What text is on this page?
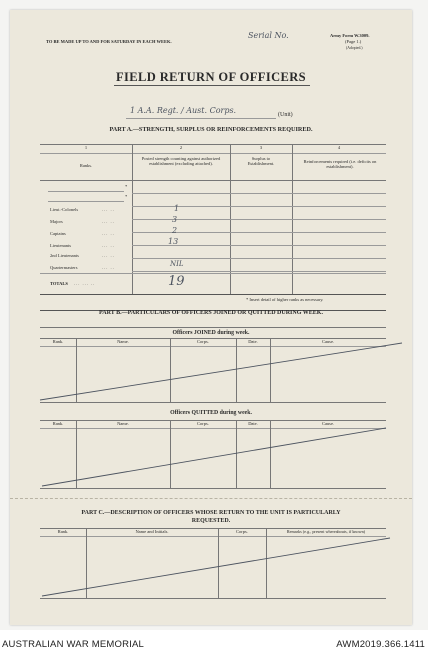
TO BE MADE UP TO AND FOR SATURDAY IN EACH WEEK.
Serial No.	Army Form W.3009.
(Page 1.)
(Adopted.)
FIELD RETURN OF OFFICERS
1 A.A. Regt. / Aust. Corps.	(Unit)
PART A.—STRENGTH, SURPLUS OR REINFORCEMENTS REQUIRED.
1	2	3	4
Ranks.
Posted strength counting against authorized establishment (excluding attached).
Surplus to Establishment.	Reinforcements required (i.e. deficits on establishment).
*
*
Lieut.-Colonels	... ..	1
Majors	... ..	3
Captains	... ..	2
Lieutenants	... ..	13
2nd Lieutenants	... ..
Quartermasters	... ..	NIL
TOTALS ... ... ..	19
* Insert detail of higher ranks as necessary.
PART B.—PARTICULARS OF OFFICERS JOINED OR QUITTED DURING WEEK.
Officers JOINED during week.
Rank.	Name.	Corps.	Date.	Cause.
Officers QUITTED during week.
Rank.	Name.	Corps.	Date.	Cause.
PART C.—DESCRIPTION OF OFFICERS WHOSE RETURN TO THE UNIT IS PARTICULARLY
REQUESTED.
Rank.	Name and Initials.	Corps.	Remarks (e.g., present whereabouts, if known)
AUSTRALIAN WAR MEMORIAL	AWM2019.366.1411
